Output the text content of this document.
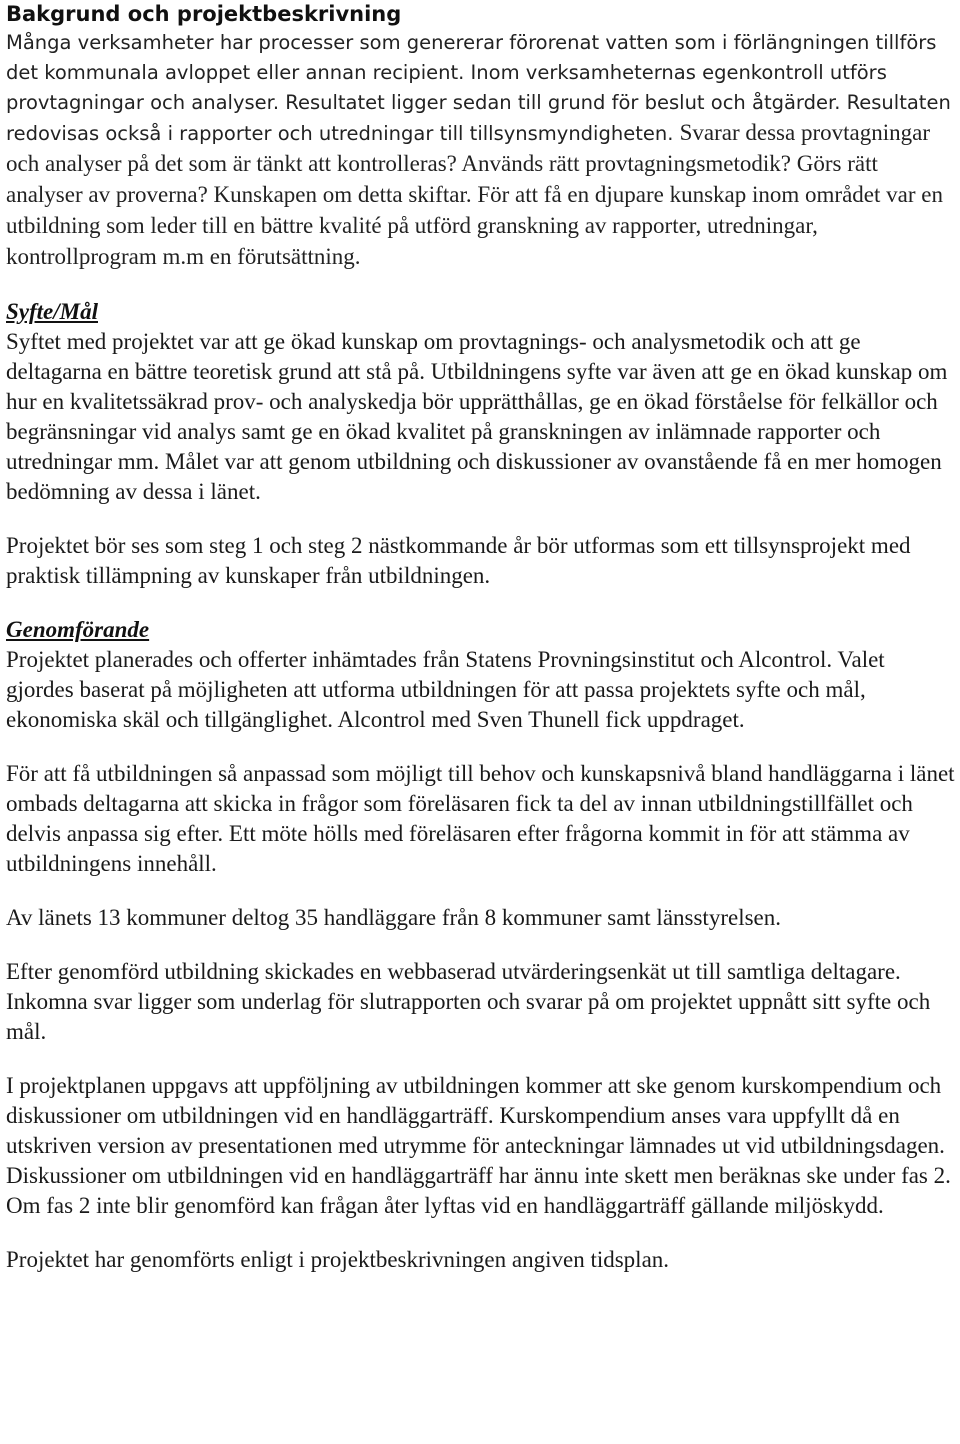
Bakgrund och projektbeskrivning

Många verksamheter har processer som genererar förorenat vatten som i förlängningen tillförs det kommunala avloppet eller annan recipient. Inom verksamheternas egenkontroll utförs provtagningar och analyser. Resultatet ligger sedan till grund för beslut och åtgärder. Resultaten redovisas också i rapporter och utredningar till tillsynsmyndigheten. Svarar dessa provtagningar och analyser på det som är tänkt att kontrolleras? Används rätt provtagningsmetodik? Görs rätt analyser av proverna? Kunskapen om detta skiftar. För att få en djupare kunskap inom området var en utbildning som leder till en bättre kvalité på utförd granskning av rapporter, utredningar, kontrollprogram m.m en förutsättning.

Syfte/Mål

Syftet med projektet var att ge ökad kunskap om provtagnings- och analysmetodik och att ge deltagarna en bättre teoretisk grund att stå på. Utbildningens syfte var även att ge en ökad kunskap om hur en kvalitetssäkrad prov- och analyskedja bör upprätthållas, ge en ökad förståelse för felkällor och begränsningar vid analys samt ge en ökad kvalitet på granskningen av inlämnade rapporter och utredningar mm. Målet var att genom utbildning och diskussioner av ovanstående få en mer homogen bedömning av dessa i länet.

Projektet bör ses som steg 1 och steg 2 nästkommande år bör utformas som ett tillsynsprojekt med praktisk tillämpning av kunskaper från utbildningen.

Genomförande

Projektet planerades och offerter inhämtades från Statens Provningsinstitut och Alcontrol. Valet gjordes baserat på möjligheten att utforma utbildningen för att passa projektets syfte och mål, ekonomiska skäl och tillgänglighet. Alcontrol med Sven Thunell fick uppdraget.

För att få utbildningen så anpassad som möjligt till behov och kunskapsnivå bland handläggarna i länet ombads deltagarna att skicka in frågor som föreläsaren fick ta del av innan utbildningstillfället och delvis anpassa sig efter. Ett möte hölls med föreläsaren efter frågorna kommit in för att stämma av utbildningens innehåll.

Av länets 13 kommuner deltog 35 handläggare från 8 kommuner samt länsstyrelsen.

Efter genomförd utbildning skickades en webbaserad utvärderingsenkät ut till samtliga deltagare. Inkomna svar ligger som underlag för slutrapporten och svarar på om projektet uppnått sitt syfte och mål.

I projektplanen uppgavs att uppföljning av utbildningen kommer att ske genom kurskompendium och diskussioner om utbildningen vid en handläggarträff. Kurskompendium anses vara uppfyllt då en utskriven version av presentationen med utrymme för anteckningar lämnades ut vid utbildningsdagen. Diskussioner om utbildningen vid en handläggarträff har ännu inte skett men beräknas ske under fas 2. Om fas 2 inte blir genomförd kan frågan åter lyftas vid en handläggarträff gällande miljöskydd.

Projektet har genomförts enligt i projektbeskrivningen angiven tidsplan.
